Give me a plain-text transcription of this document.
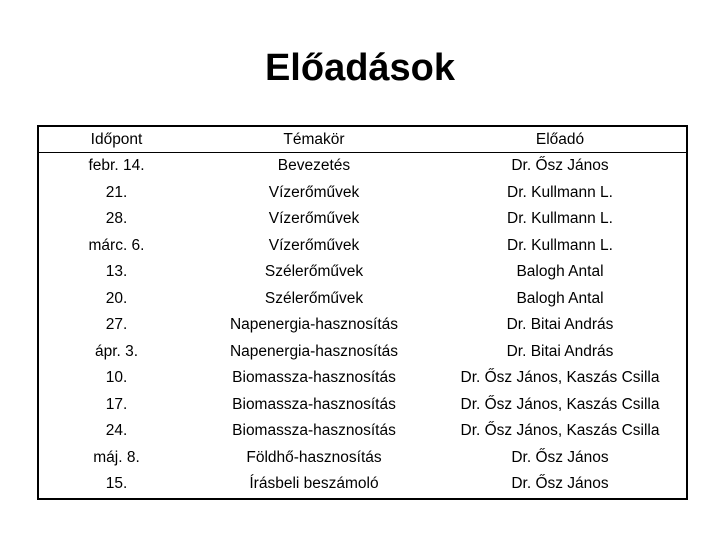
Előadások
Időpont	Témakör	Előadó
febr. 14.	Bevezetés	Dr. Ősz János
21.	Vízerőművek	Dr. Kullmann L.
28.	Vízerőművek	Dr. Kullmann L.
márc. 6.	Vízerőművek	Dr. Kullmann L.
13.	Szélerőművek	Balogh Antal
20.	Szélerőművek	Balogh Antal
27.	Napenergia-hasznosítás	Dr. Bitai András
ápr. 3.	Napenergia-hasznosítás	Dr. Bitai András
10.	Biomassza-hasznosítás	Dr. Ősz János, Kaszás Csilla
17.	Biomassza-hasznosítás	Dr. Ősz János, Kaszás Csilla
24.	Biomassza-hasznosítás	Dr. Ősz János, Kaszás Csilla
máj. 8.	Földhő-hasznosítás	Dr. Ősz János
15.	Írásbeli beszámoló	Dr. Ősz János
